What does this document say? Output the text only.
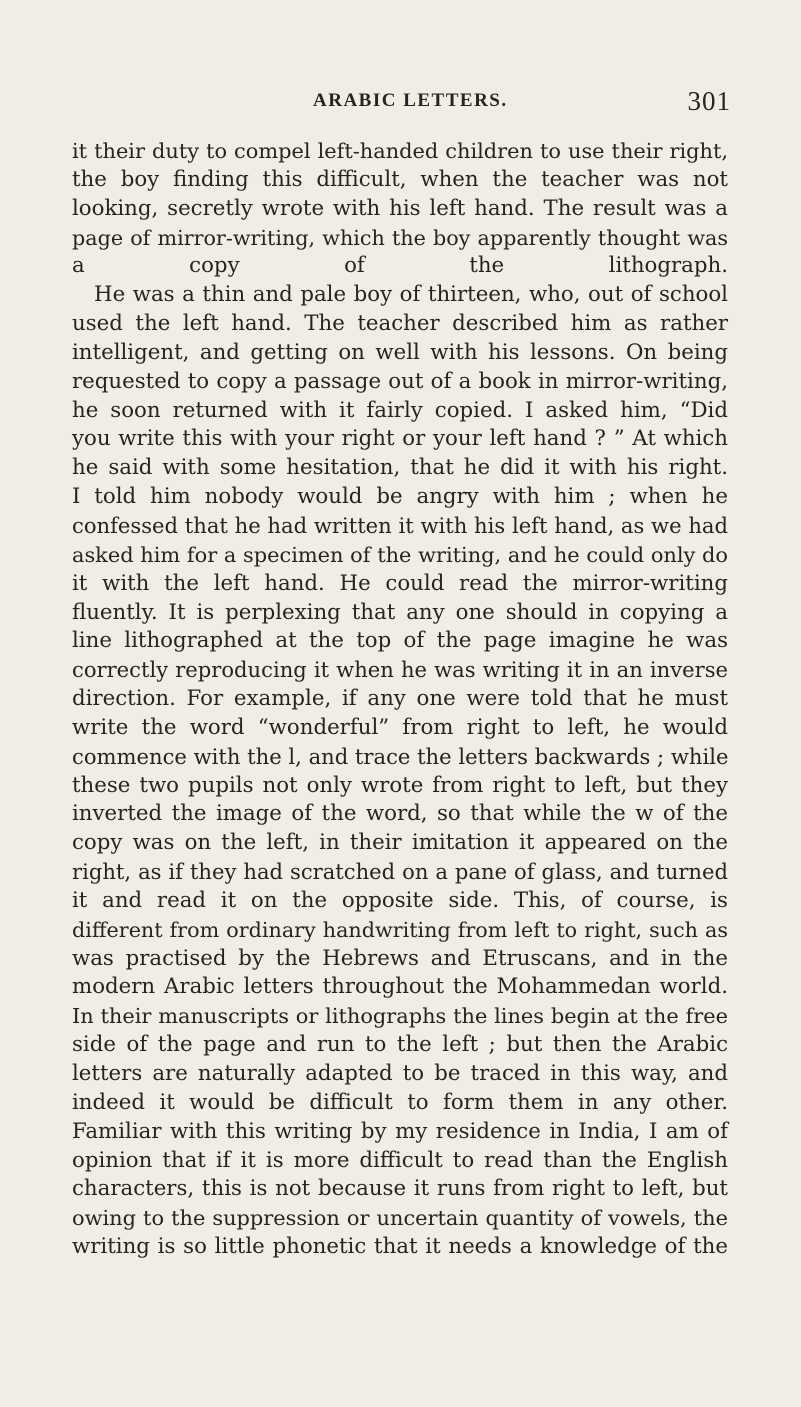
ARABIC LETTERS.	301
it their duty to compel left-handed children to use their right,
the boy finding this difficult, when the teacher was not
looking, secretly wrote with his left hand. The result was a
page of mirror-writing, which the boy apparently thought was
a copy of the lithograph.
He was a thin and pale boy of thirteen, who, out of school
used the left hand. The teacher described him as rather
intelligent, and getting on well with his lessons. On being
requested to copy a passage out of a book in mirror-writing,
he soon returned with it fairly copied. I asked him, “Did
you write this with your right or your left hand ? ” At which
he said with some hesitation, that he did it with his right.
I told him nobody would be angry with him ; when he
confessed that he had written it with his left hand, as we had
asked him for a specimen of the writing, and he could only do
it with the left hand. He could read the mirror-writing
fluently. It is perplexing that any one should in copying a
line lithographed at the top of the page imagine he was
correctly reproducing it when he was writing it in an inverse
direction. For example, if any one were told that he must
write the word “wonderful” from right to left, he would
commence with the l, and trace the letters backwards ; while
these two pupils not only wrote from right to left, but they
inverted the image of the word, so that while the w of the
copy was on the left, in their imitation it appeared on the
right, as if they had scratched on a pane of glass, and turned
it and read it on the opposite side. This, of course, is
different from ordinary handwriting from left to right, such as
was practised by the Hebrews and Etruscans, and in the
modern Arabic letters throughout the Mohammedan world.
In their manuscripts or lithographs the lines begin at the free
side of the page and run to the left ; but then the Arabic
letters are naturally adapted to be traced in this way, and
indeed it would be difficult to form them in any other.
Familiar with this writing by my residence in India, I am of
opinion that if it is more difficult to read than the English
characters, this is not because it runs from right to left, but
owing to the suppression or uncertain quantity of vowels, the
writing is so little phonetic that it needs a knowledge of the
